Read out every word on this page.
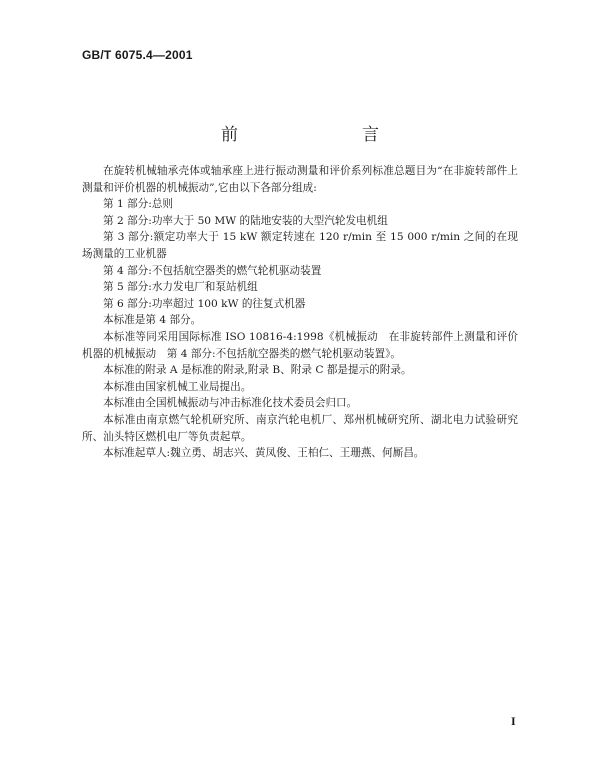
GB/T 6075.4—2001
前　　言

在旋转机械轴承壳体或轴承座上进行振动测量和评价系列标准总题目为“在非旋转部件上测量和评价机器的机械振动”,它由以下各部分组成:

第 1 部分:总则

第 2 部分:功率大于 50 MW 的陆地安装的大型汽轮发电机组

第 3 部分:额定功率大于 15 kW 额定转速在 120 r/min 至 15 000 r/min 之间的在现场测量的工业机器

第 4 部分:不包括航空器类的燃气轮机驱动装置

第 5 部分:水力发电厂和泵站机组

第 6 部分:功率超过 100 kW 的往复式机器

本标准是第 4 部分。

本标准等同采用国际标准 ISO 10816-4:1998《机械振动　在非旋转部件上测量和评价机器的机械振动　第 4 部分:不包括航空器类的燃气轮机驱动装置》。

本标准的附录 A 是标准的附录,附录 B、附录 C 都是提示的附录。

本标准由国家机械工业局提出。

本标准由全国机械振动与冲击标准化技术委员会归口。

本标准由南京燃气轮机研究所、南京汽轮电机厂、郑州机械研究所、湖北电力试验研究所、汕头特区燃机电厂等负责起草。

本标准起草人:魏立勇、胡志兴、黄凤俊、王柏仁、王珊燕、何厮昌。

I
